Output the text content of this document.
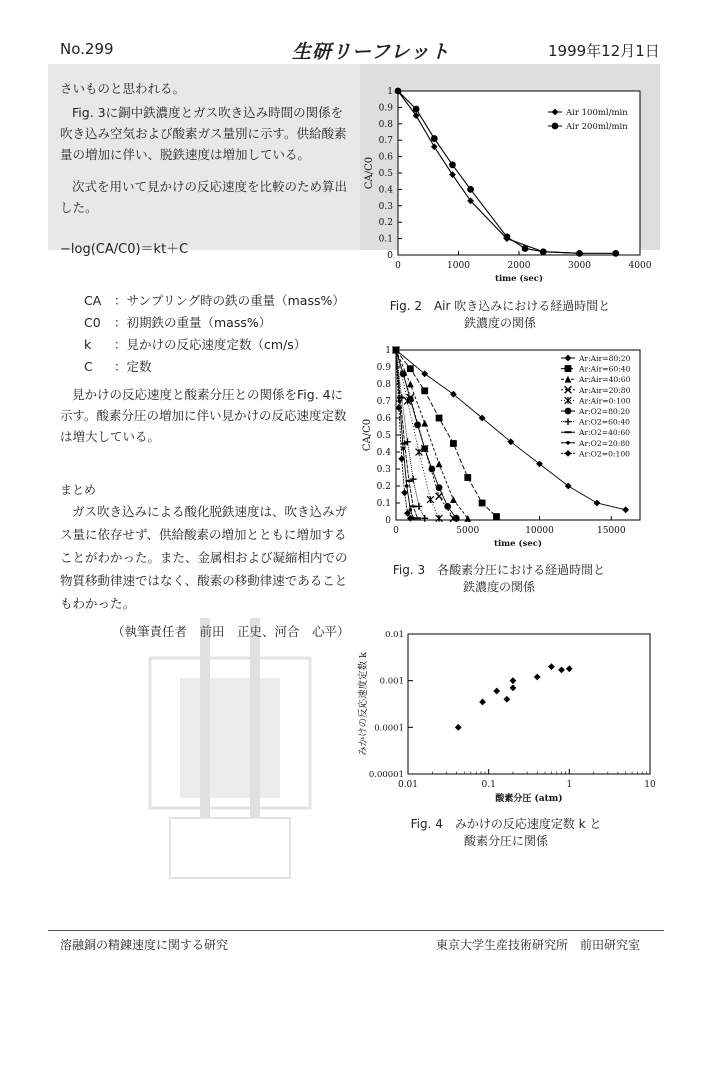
No.299	生研リーフレット	1999年12月1日
さいものと思われる。
Fig. 3に銅中鉄濃度とガス吹き込み時間の関係を吹き込み空気および酸素ガス量別に示す。供給酸素量の増加に伴い、脱鉄速度は増加している。
次式を用いて見かけの反応速度を比較のため算出した。
−log(CA/C0)＝kt＋C
CA ：サンプリング時の鉄の重量（mass%）
C0 ：初期鉄の重量（mass%）
k ：見かけの反応速度定数（cm/s）
C ：定数
見かけの反応速度と酸素分圧との関係をFig. 4に示す。酸素分圧の増加に伴い見かけの反応速度定数は増大している。
まとめ
ガス吹き込みによる酸化脱鉄速度は、吹き込みガス量に依存せず、供給酸素の増加とともに増加することがわかった。また、金属相および凝縮相内での物質移動律速ではなく、酸素の移動律速であることもわかった。
（執筆責任者　前田　正史、河合　心平）
0
0.1
0.2
0.3
0.4
0.5
0.6
0.7
0.8
0.9
1
0	1000	2000	3000	4000
time (sec)
CA/C0
Air 100ml/min
Air 200ml/min
Fig. 2　Air 吹き込みにおける経過時間と
鉄濃度の関係
0
0.1
0.2
0.3
0.4
0.5
0.6
0.7
0.8
0.9
1
0	5000	10000	15000
time (sec)
CA/C0
Ar:Air=80:20
Ar:Air=60:40
Ar:Air=40:60
Ar:Air=20:80
Ar:Air=0:100
Ar:O2=80:20
Ar:O2=60:40
Ar:O2=40:60
Ar:O2=20:80
Ar:O2=0:100
Fig. 3　各酸素分圧における経過時間と
鉄濃度の関係
0.01	0.1	1	10
0.00001
0.0001
0.001
0.01
酸素分圧 (atm)
みかけの反応速度定数 k
Fig. 4　みかけの反応速度定数 k と
酸素分圧に関係
溶融銅の精錬速度に関する研究	東京大学生産技術研究所　前田研究室
